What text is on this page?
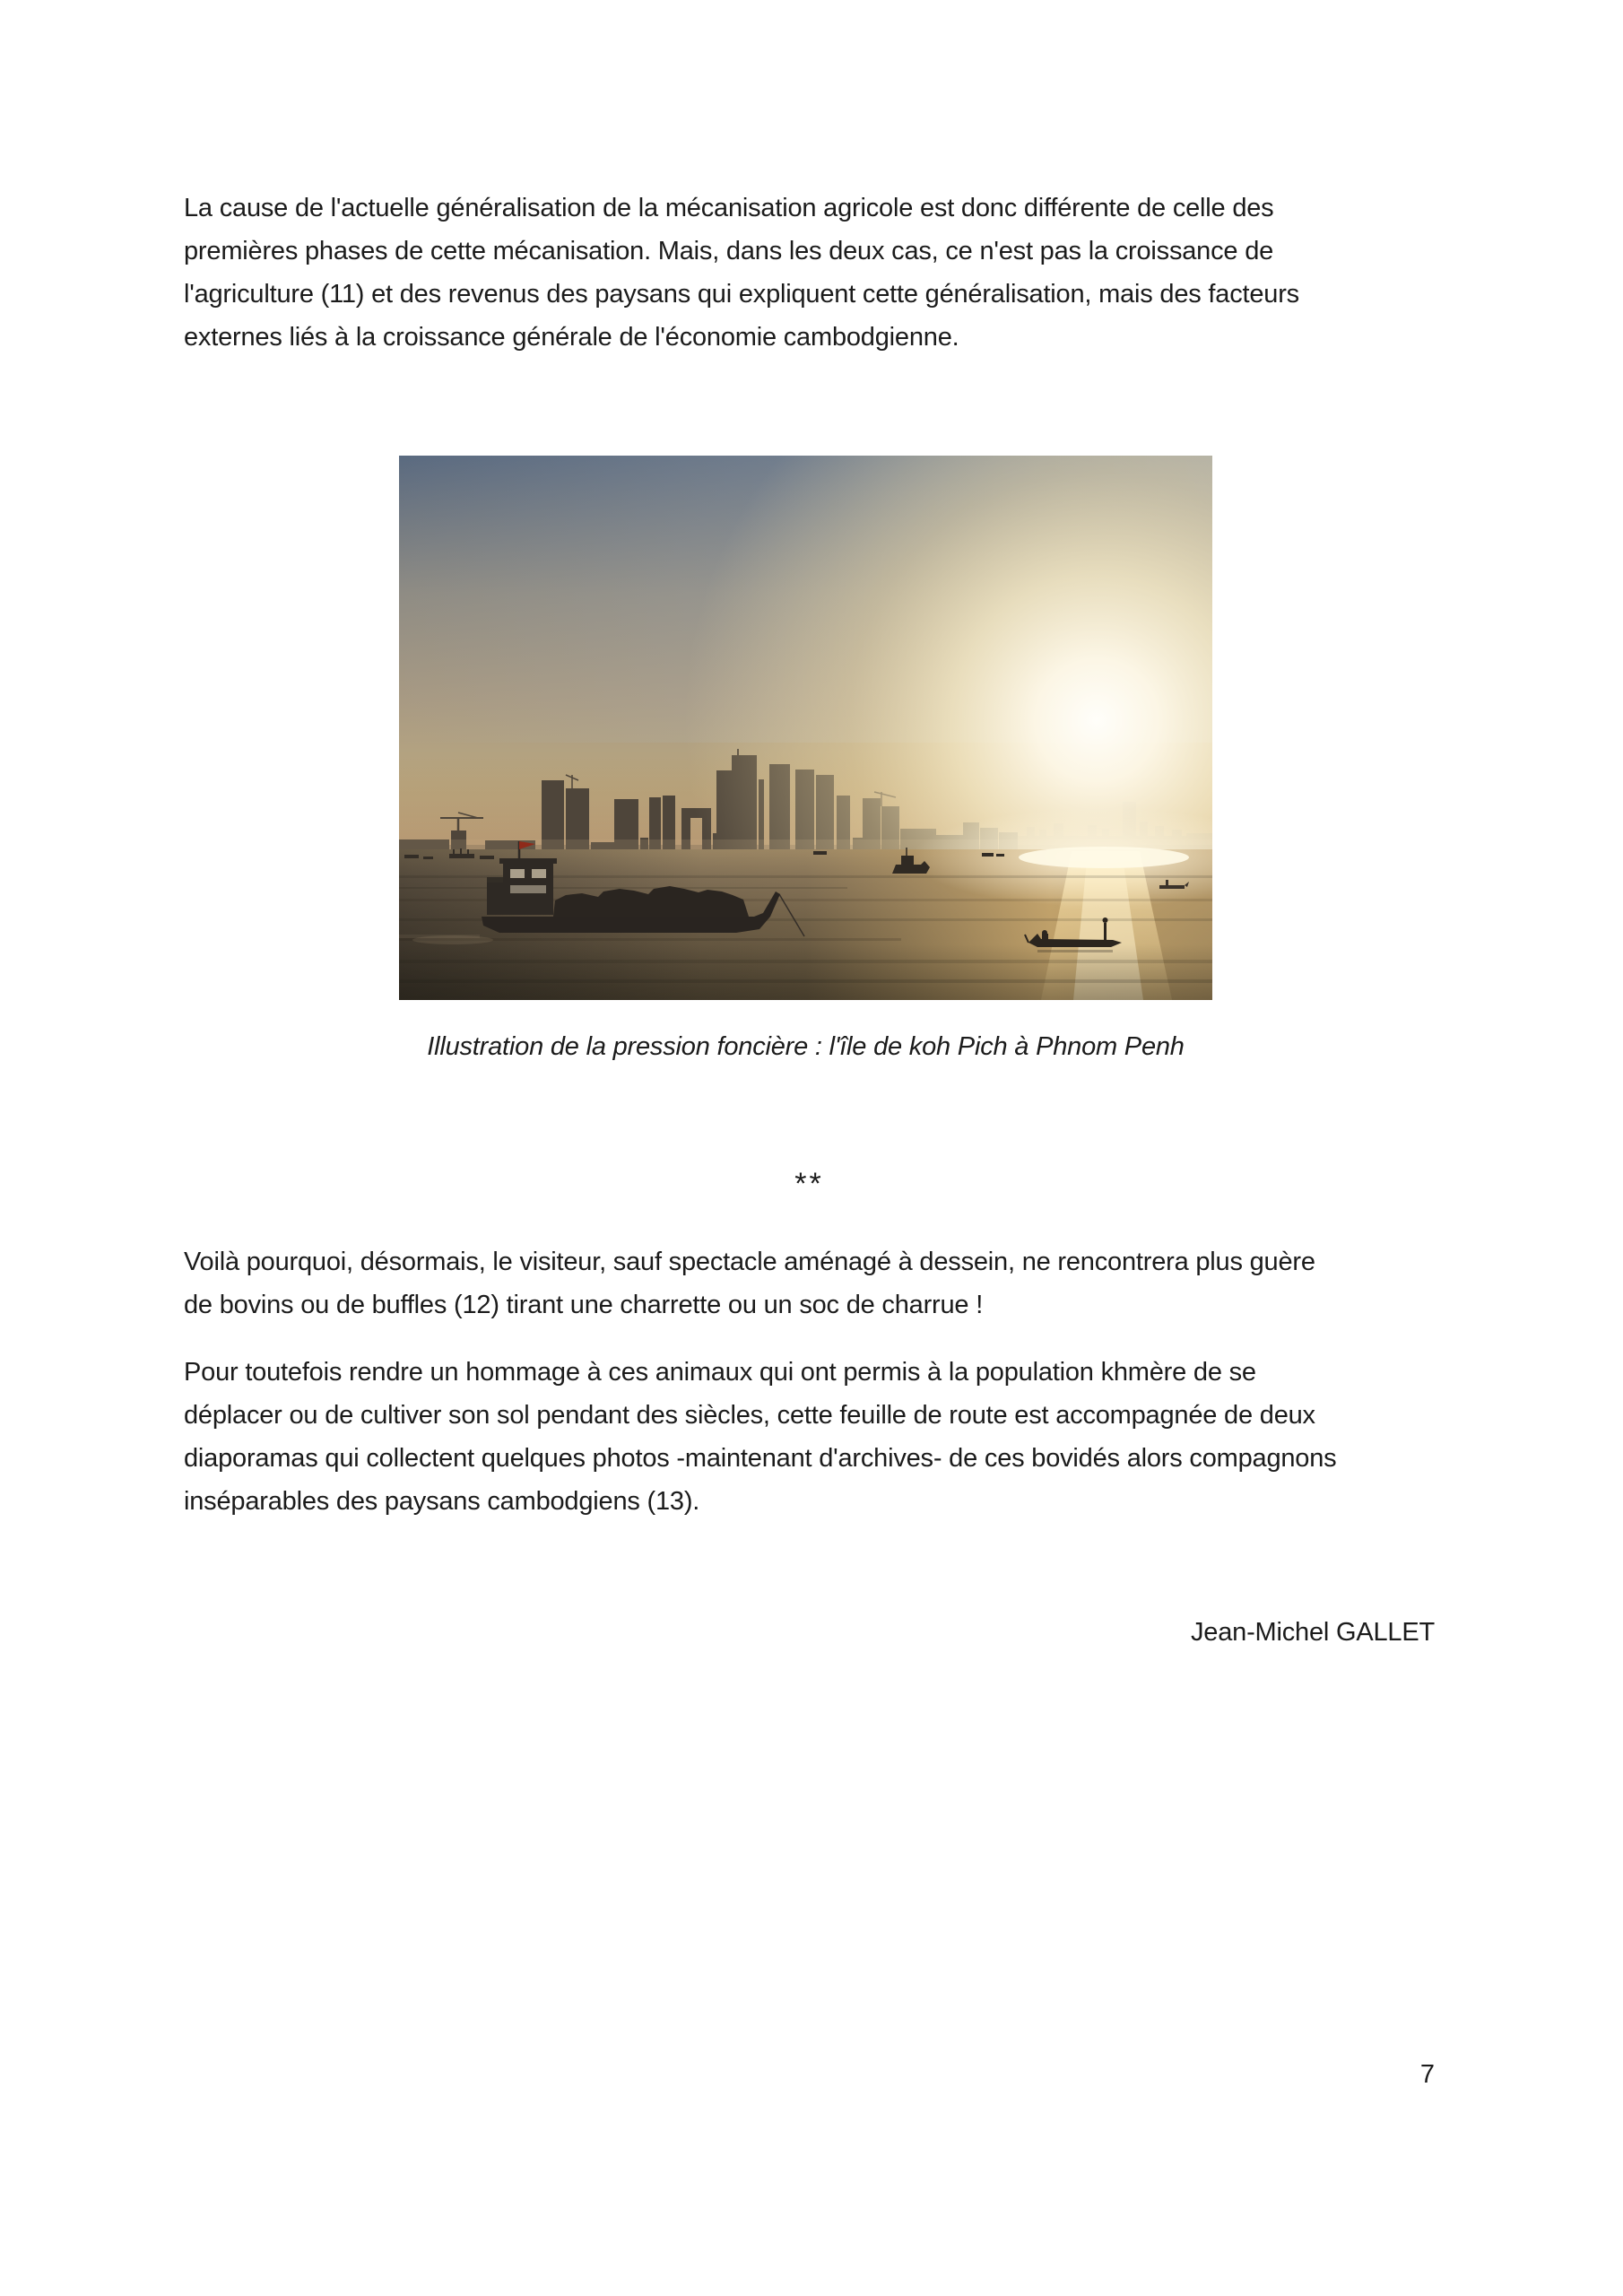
La cause de l'actuelle généralisation de la mécanisation agricole est donc différente de celle des
premières phases de cette mécanisation. Mais, dans les deux cas, ce n'est pas la croissance de
l'agriculture (11) et des revenus des paysans qui expliquent cette généralisation, mais des facteurs
externes liés à la croissance générale de l'économie cambodgienne.
Illustration de la pression foncière : l'île de koh Pich à Phnom Penh
**
Voilà pourquoi, désormais, le visiteur, sauf spectacle aménagé à dessein, ne rencontrera plus guère
de bovins ou de buffles (12) tirant une charrette ou un soc de charrue !
Pour toutefois rendre un hommage à ces animaux qui ont permis à la population khmère de se
déplacer ou de cultiver son sol pendant des siècles, cette feuille de route est accompagnée de deux
diaporamas qui collectent quelques photos -maintenant d'archives- de ces bovidés alors compagnons
inséparables des paysans cambodgiens (13).
Jean-Michel GALLET
7
